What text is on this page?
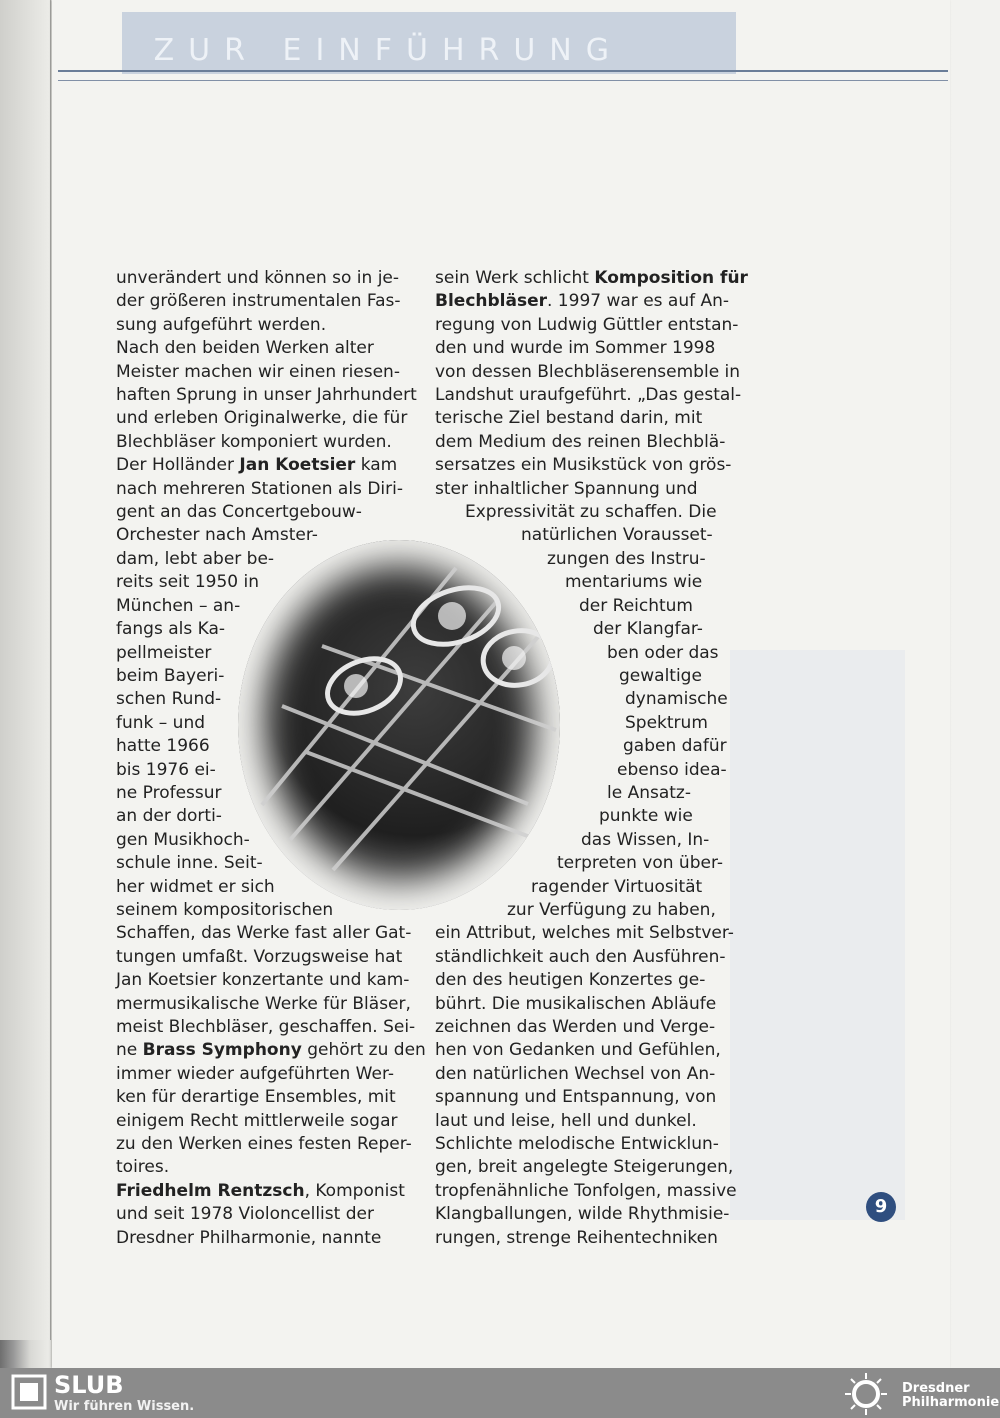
ZUR EINFÜHRUNG
unverändert und können so in je-
der größeren instrumentalen Fas-
sung aufgeführt werden.
Nach den beiden Werken alter
Meister machen wir einen riesen-
haften Sprung in unser Jahrhundert
und erleben Originalwerke, die für
Blechbläser komponiert wurden.
Der Holländer Jan Koetsier kam
nach mehreren Stationen als Diri-
gent an das Concertgebouw-
Orchester nach Amster-
dam, lebt aber be-
reits seit 1950 in
München – an-
fangs als Ka-
pellmeister
beim Bayeri-
schen Rund-
funk – und
hatte 1966
bis 1976 ei-
ne Professur
an der dorti-
gen Musikhoch-
schule inne. Seit-
her widmet er sich
seinem kompositorischen
Schaffen, das Werke fast aller Gat-
tungen umfaßt. Vorzugsweise hat
Jan Koetsier konzertante und kam-
mermusikalische Werke für Bläser,
meist Blechbläser, geschaffen. Sei-
ne Brass Symphony gehört zu den
immer wieder aufgeführten Wer-
ken für derartige Ensembles, mit
einigem Recht mittlerweile sogar
zu den Werken eines festen Reper-
toires.
Friedhelm Rentzsch, Komponist
und seit 1978 Violoncellist der
Dresdner Philharmonie, nannte
sein Werk schlicht Komposition für
Blechbläser. 1997 war es auf An-
regung von Ludwig Güttler entstan-
den und wurde im Sommer 1998
von dessen Blechbläserensemble in
Landshut uraufgeführt. „Das gestal-
terische Ziel bestand darin, mit
dem Medium des reinen Blechblä-
sersatzes ein Musikstück von grös-
ster inhaltlicher Spannung und
Expressivität zu schaffen. Die
natürlichen Vorausset-
zungen des Instru-
mentariums wie
der Reichtum
der Klangfar-
ben oder das
gewaltige
dynamische
Spektrum
gaben dafür
ebenso idea-
le Ansatz-
punkte wie
das Wissen, In-
terpreten von über-
ragender Virtuosität
zur Verfügung zu haben,
ein Attribut, welches mit Selbstver-
ständlichkeit auch den Ausführen-
den des heutigen Konzertes ge-
bührt. Die musikalischen Abläufe
zeichnen das Werden und Verge-
hen von Gedanken und Gefühlen,
den natürlichen Wechsel von An-
spannung und Entspannung, von
laut und leise, hell und dunkel.
Schlichte melodische Entwicklun-
gen, breit angelegte Steigerungen,
tropfenähnliche Tonfolgen, massive
Klangballungen, wilde Rhythmisie-
rungen, strenge Reihentechniken
9
SLUB
Wir führen Wissen.
Dresdner
Philharmonie
